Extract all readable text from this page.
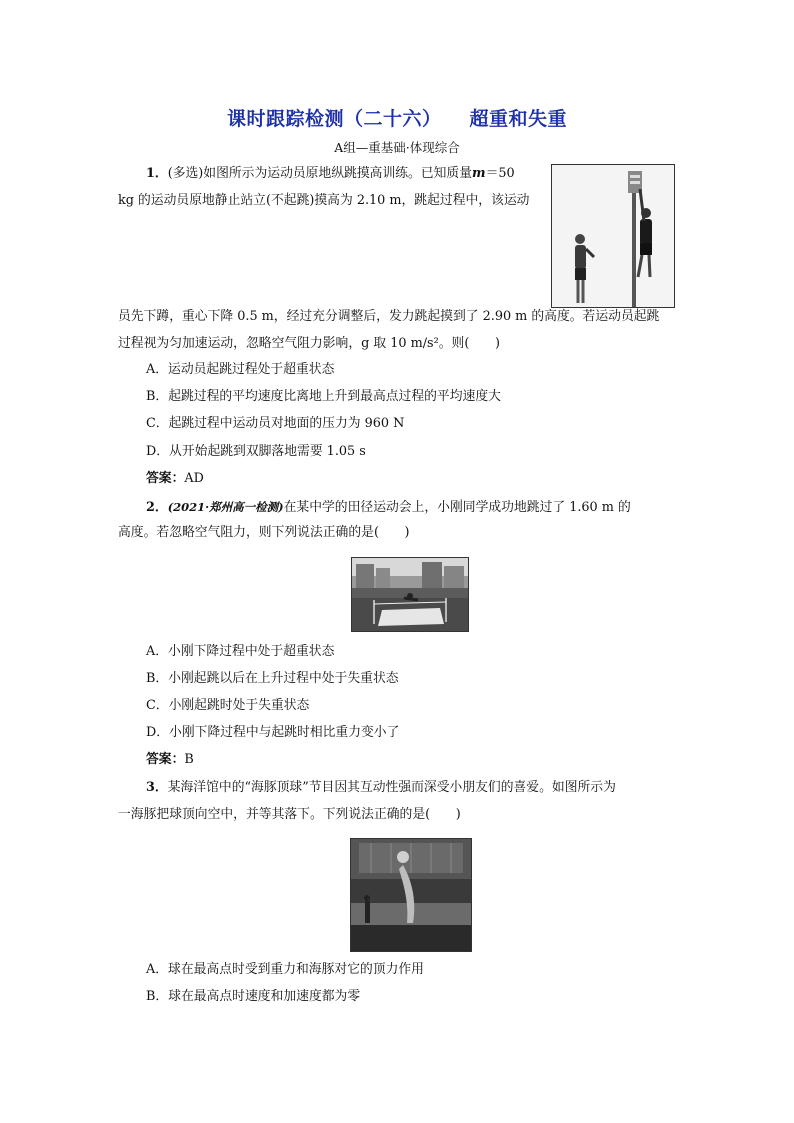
课时跟踪检测（二十六） 超重和失重
A组—重基础·体现综合
1．(多选)如图所示为运动员原地纵跳摸高训练。已知质量m＝50
kg 的运动员原地静止站立(不起跳)摸高为 2.10 m，跳起过程中，该运动
员先下蹲，重心下降 0.5 m，经过充分调整后，发力跳起摸到了 2.90 m 的高度。若运动员起跳
过程视为匀加速运动，忽略空气阻力影响，g 取 10 m/s²。则(　　)
A．运动员起跳过程处于超重状态
B．起跳过程的平均速度比离地上升到最高点过程的平均速度大
C．起跳过程中运动员对地面的压力为 960 N
D．从开始起跳到双脚落地需要 1.05 s
答案：AD
2．(2021·郑州高一检测)在某中学的田径运动会上，小刚同学成功地跳过了 1.60 m 的
高度。若忽略空气阻力，则下列说法正确的是(　　)
A．小刚下降过程中处于超重状态
B．小刚起跳以后在上升过程中处于失重状态
C．小刚起跳时处于失重状态
D．小刚下降过程中与起跳时相比重力变小了
答案：B
3．某海洋馆中的“海豚顶球”节目因其互动性强而深受小朋友们的喜爱。如图所示为
一海豚把球顶向空中，并等其落下。下列说法正确的是(　　)
A．球在最高点时受到重力和海豚对它的顶力作用
B．球在最高点时速度和加速度都为零
